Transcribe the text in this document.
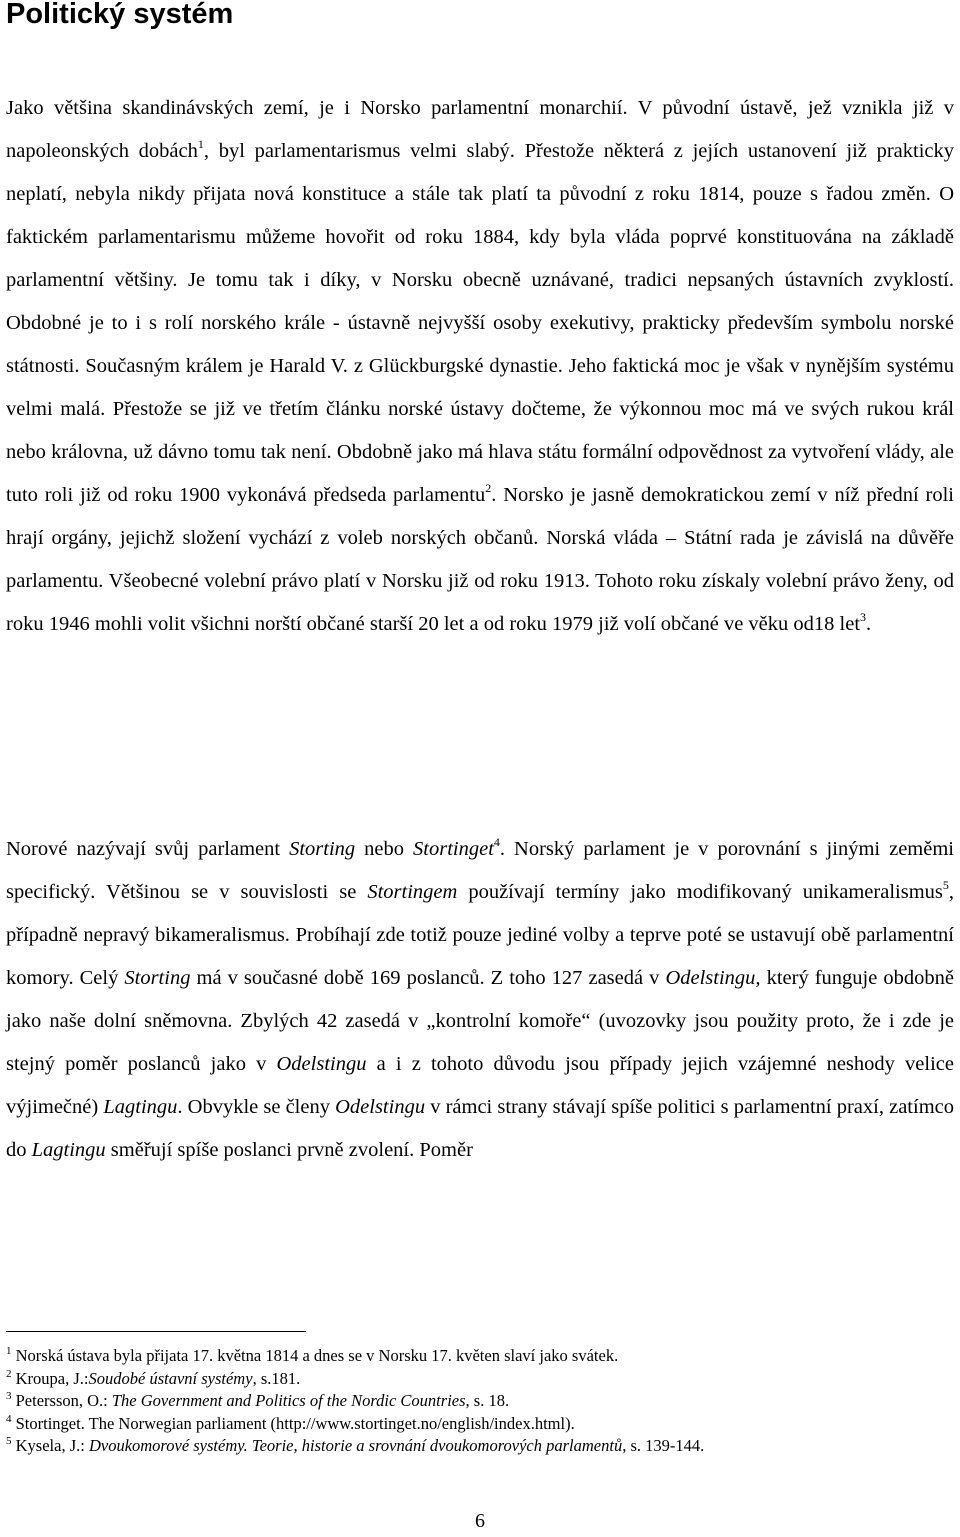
Politický systém

Jako většina skandinávských zemí, je i Norsko parlamentní monarchií. V původní ústavě, jež vznikla již v napoleonských dobách$^1$, byl parlamentarismus velmi slabý. Přestože některá z jejích ustanovení již prakticky neplatí, nebyla nikdy přijata nová konstituce a stále tak platí ta původní z roku 1814, pouze s řadou změn. O faktickém parlamentarismu můžeme hovořit od roku 1884, kdy byla vláda poprvé konstituována na základě parlamentní většiny. Je tomu tak i díky, v Norsku obecně uznávané, tradici nepsaných ústavních zvyklostí. Obdobné je to i s rolí norského krále - ústavně nejvyšší osoby exekutivy, prakticky především symbolu norské státnosti. Současným králem je Harald V. z Glückburgské dynastie. Jeho faktická moc je však v nynějším systému velmi malá. Přestože se již ve třetím článku norské ústavy dočteme, že výkonnou moc má ve svých rukou král nebo královna, už dávno tomu tak není. Obdobně jako má hlava státu formální odpovědnost za vytvoření vlády, ale tuto roli již od roku 1900 vykonává předseda parlamentu$^2$. Norsko je jasně demokratickou zemí v níž přední roli hrají orgány, jejichž složení vychází z voleb norských občanů. Norská vláda – Státní rada je závislá na důvěře parlamentu. Všeobecné volební právo platí v Norsku již od roku 1913. Tohoto roku získaly volební právo ženy, od roku 1946 mohli volit všichni norští občané starší 20 let a od roku 1979 již volí občané ve věku od18 let$^3$.

Norové nazývají svůj parlament Storting nebo Stortinget$^4$. Norský parlament je v porovnání s jinými zeměmi specifický. Většinou se v souvislosti se Stortingem používají termíny jako modifikovaný unikameralismus$^5$, případně nepravý bikameralismus. Probíhají zde totiž pouze jediné volby a teprve poté se ustavují obě parlamentní komory. Celý Storting má v současné době 169 poslanců. Z toho 127 zasedá v Odelstingu, který funguje obdobně jako naše dolní sněmovna. Zbylých 42 zasedá v „kontrolní komoře“ (uvozovky jsou použity proto, že i zde je stejný poměr poslanců jako v Odelstingu a i z tohoto důvodu jsou případy jejich vzájemné neshody velice výjimečné) Lagtingu. Obvykle se členy Odelstingu v rámci strany stávají spíše politici s parlamentní praxí, zatímco do Lagtingu směřují spíše poslanci prvně zvolení. Poměr

$^1$ Norská ústava byla přijata 17. května 1814 a dnes se v Norsku 17. květen slaví jako svátek.
$^2$ Kroupa, J.:Soudobé ústavní systémy, s.181.
$^3$ Petersson, O.: The Government and Politics of the Nordic Countries, s. 18.
$^4$ Stortinget. The Norwegian parliament (http://www.stortinget.no/english/index.html).
$^5$ Kysela, J.: Dvoukomorové systémy. Teorie, historie a srovnání dvoukomorových parlamentů, s. 139-144.
6
